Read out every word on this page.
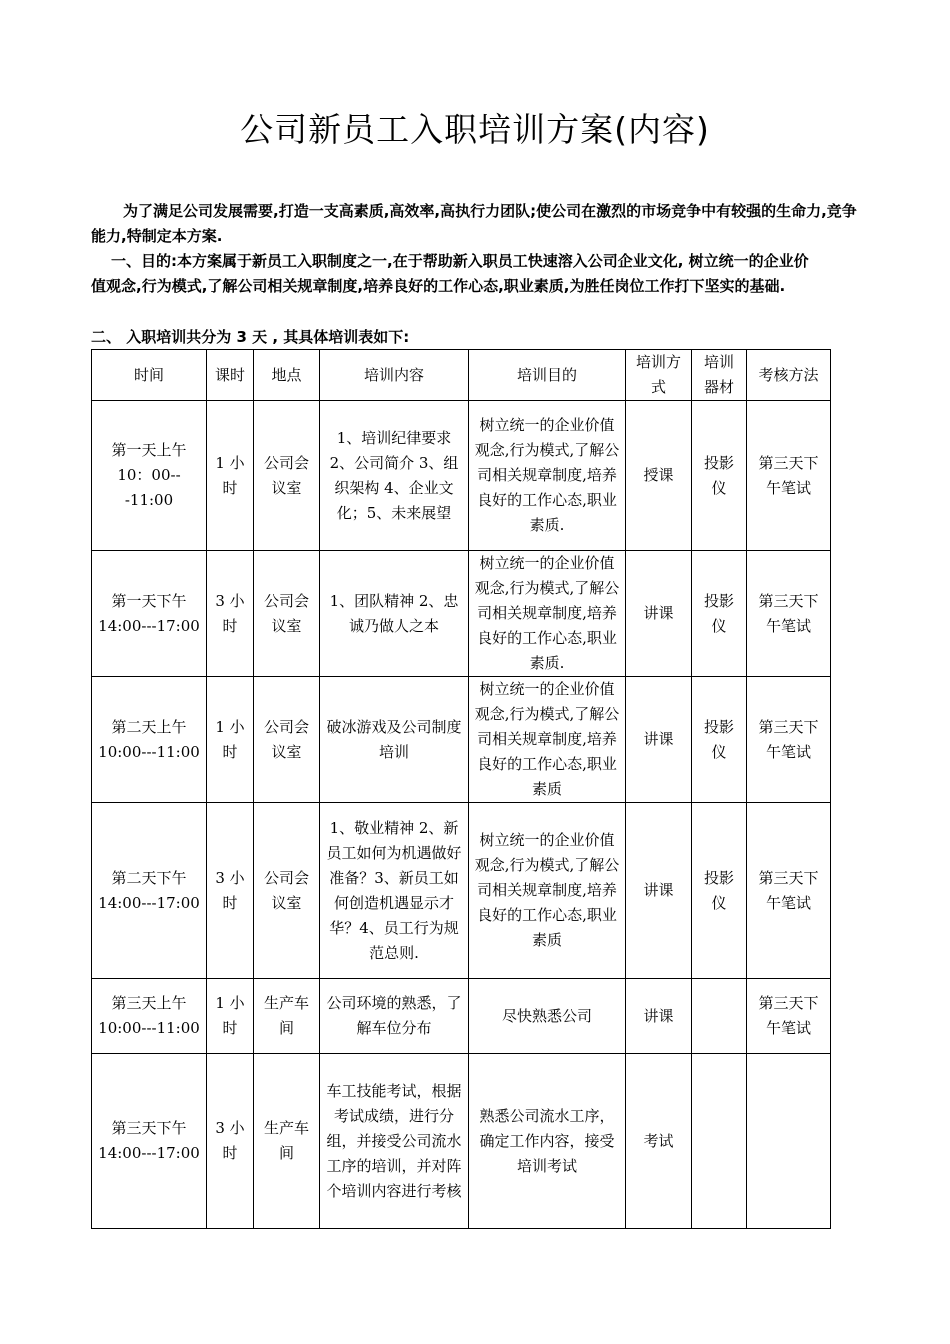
公司新员工入职培训方案(内容)
为了满足公司发展需要,打造一支高素质,高效率,高执行力团队;使公司在激烈的市场竞争中有较强的生命力,竞争能力,特制定本方案.
一、目的:本方案属于新员工入职制度之一,在于帮助新入职员工快速溶入公司企业文化, 树立统一的企业价值观念,行为模式,了解公司相关规章制度,培养良好的工作心态,职业素质,为胜任岗位工作打下坚实的基础.
二、 入职培训共分为 3 天 , 其具体培训表如下:
时间	课时	地点	培训内容	培训目的	培训方式	培训器材	考核方法
第一天上午 10：00---11:00	1 小时	公司会议室	1、培训纪律要求 2、公司简介 3、组织架构 4、企业文化；5、未来展望	树立统一的企业价值观念,行为模式,了解公司相关规章制度,培养良好的工作心态,职业素质.	授课	投影仪	第三天下午笔试
第一天下午 14:00---17:00	3 小时	公司会议室	1、团队精神 2、忠诚乃做人之本	树立统一的企业价值观念,行为模式,了解公司相关规章制度,培养良好的工作心态,职业素质.	讲课	投影仪	第三天下午笔试
第二天上午 10:00---11:00	1 小时	公司会议室	破冰游戏及公司制度培训	树立统一的企业价值观念,行为模式,了解公司相关规章制度,培养良好的工作心态,职业素质	讲课	投影仪	第三天下午笔试
第二天下午 14:00---17:00	3 小时	公司会议室	1、敬业精神 2、新员工如何为机遇做好准备？3、新员工如何创造机遇显示才华？4、员工行为规范总则.	树立统一的企业价值观念,行为模式,了解公司相关规章制度,培养良好的工作心态,职业素质	讲课	投影仪	第三天下午笔试
第三天上午 10:00---11:00	1 小时	生产车间	公司环境的熟悉，了解车位分布	尽快熟悉公司	讲课		第三天下午笔试
第三天下午 14:00---17:00	3 小时	生产车间	车工技能考试，根据考试成绩，进行分组，并接受公司流水工序的培训，并对阵个培训内容进行考核	熟悉公司流水工序，确定工作内容，接受培训考试	考试		
